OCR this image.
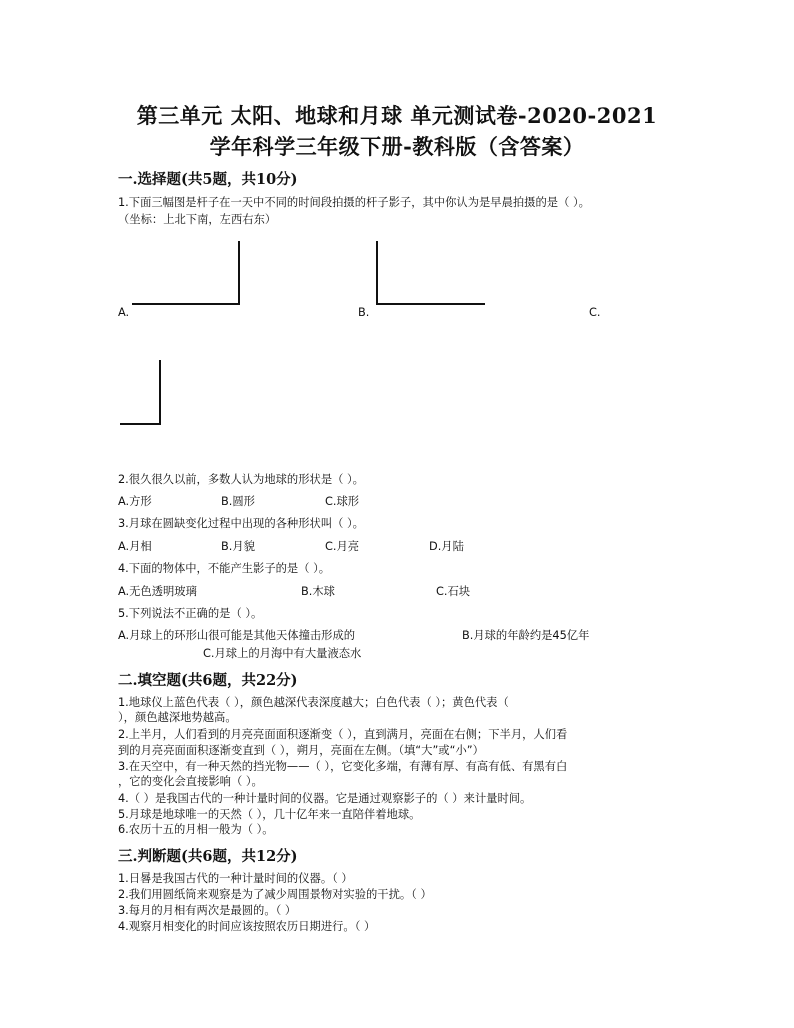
第三单元 太阳、地球和月球 单元测试卷-2020-2021
学年科学三年级下册-教科版（含答案）
一.选择题(共5题，共10分)
1.下面三幅图是杆子在一天中不同的时间段拍摄的杆子影子，其中你认为是早晨拍摄的是（ ）。
（坐标：上北下南，左西右东）
A.	B.	C.
2.很久很久以前，多数人认为地球的形状是（ ）。
A.方形	B.圆形	C.球形
3.月球在圆缺变化过程中出现的各种形状叫（ ）。
A.月相	B.月貌	C.月亮	D.月陆
4.下面的物体中，不能产生影子的是（ ）。
A.无色透明玻璃	B.木球	C.石块
5.下列说法不正确的是（ ）。
A.月球上的环形山很可能是其他天体撞击形成的	B.月球的年龄约是45亿年
C.月球上的月海中有大量液态水
二.填空题(共6题，共22分)
1.地球仪上蓝色代表（ ），颜色越深代表深度越大；白色代表（ ）；黄色代表（
），颜色越深地势越高。
2.上半月，人们看到的月亮亮面面积逐渐变（ ），直到满月，亮面在右侧；下半月，人们看
到的月亮亮面面积逐渐变直到（ ），朔月，亮面在左侧。（填“大”或“小”）
3.在天空中，有一种天然的挡光物——（ ），它变化多端，有薄有厚、有高有低、有黑有白
，它的变化会直接影响（ ）。
4.（ ）是我国古代的一种计量时间的仪器。它是通过观察影子的（ ）来计量时间。
5.月球是地球唯一的天然（ ），几十亿年来一直陪伴着地球。
6.农历十五的月相一般为（ ）。
三.判断题(共6题，共12分)
1.日晷是我国古代的一种计量时间的仪器。（ ）
2.我们用圆纸筒来观察是为了减少周围景物对实验的干扰。（ ）
3.每月的月相有两次是最圆的。（ ）
4.观察月相变化的时间应该按照农历日期进行。（ ）
